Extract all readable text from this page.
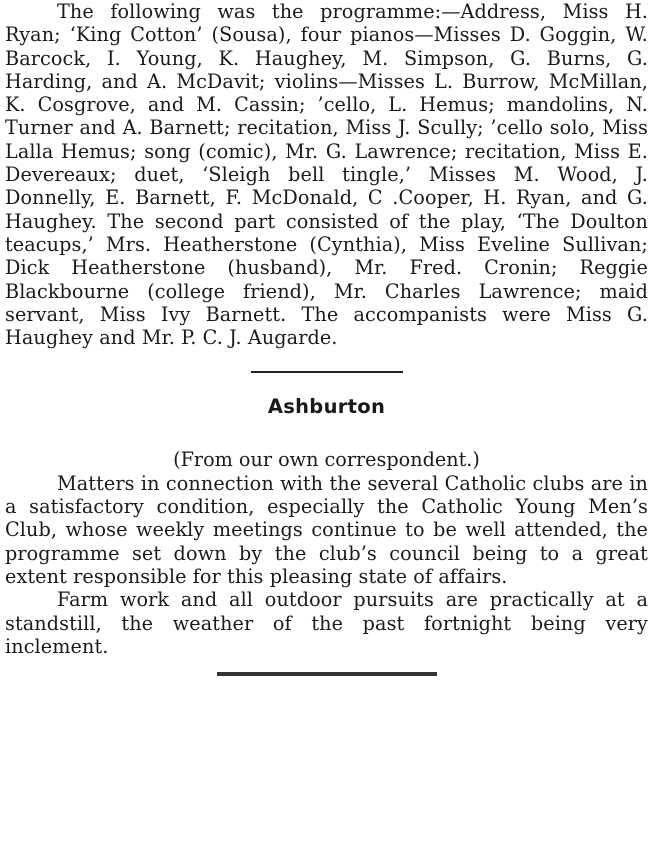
The following was the programme:—Address, Miss H. Ryan; ‘King Cotton’ (Sousa), four pianos—Misses D. Goggin, W. Barcock, I. Young, K. Haughey, M. Simpson, G. Burns, G. Harding, and A. McDavit; violins—Misses L. Burrow, McMillan, K. Cosgrove, and M. Cassin; ’cello, L. Hemus; mandolins, N. Turner and A. Barnett; recitation, Miss J. Scully; ’cello solo, Miss Lalla Hemus; song (comic), Mr. G. Lawrence; recitation, Miss E. Devereaux; duet, ‘Sleigh bell tingle,’ Misses M. Wood, J. Donnelly, E. Barnett, F. McDonald, C .Cooper, H. Ryan, and G. Haughey. The second part consisted of the play, ‘The Doulton teacups,’ Mrs. Heatherstone (Cynthia), Miss Eveline Sullivan; Dick Heatherstone (husband), Mr. Fred. Cronin; Reggie Blackbourne (college friend), Mr. Charles Lawrence; maid servant, Miss Ivy Barnett. The accompanists were Miss G. Haughey and Mr. P. C. J. Augarde.

Ashburton
(From our own correspondent.)

Matters in connection with the several Catholic clubs are in a satisfactory condition, especially the Catholic Young Men’s Club, whose weekly meetings continue to be well attended, the programme set down by the club’s council being to a great extent responsible for this pleasing state of affairs.

Farm work and all outdoor pursuits are practically at a standstill, the weather of the past fortnight being very inclement.
